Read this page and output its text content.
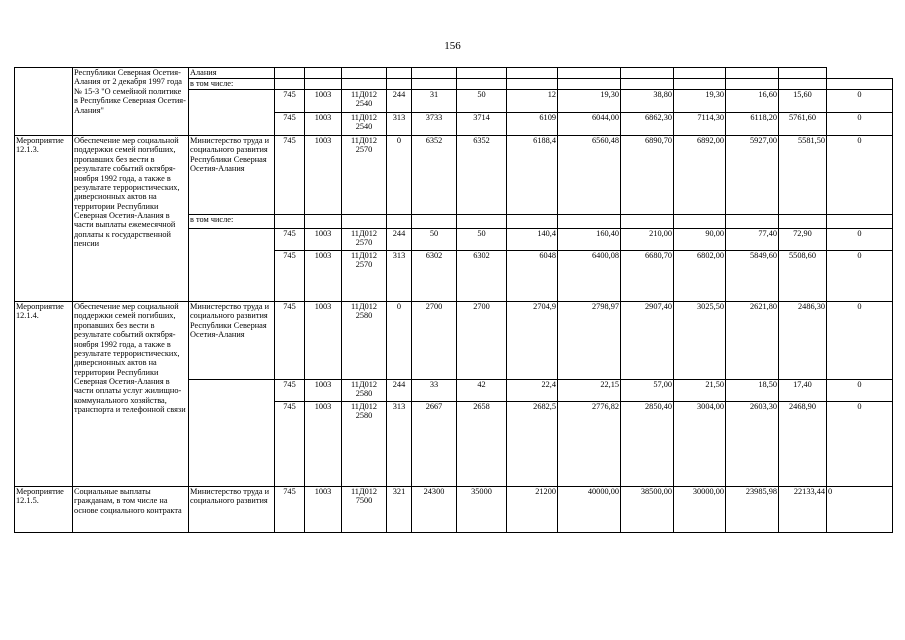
156
	Республики Северная Осетия-Алания от 2 декабря 1997 года № 15-З "О семейной политике в Республике Северная Осетия-Алания"	Алания													
		в том числе:													
			745	1003	11Д012 2540	244	31	50	12	19,30	38,80	19,30	16,60	15,60	0
			745	1003	11Д012 2540	313	3733	3714	6109	6044,00	6862,30	7114,30	6118,20	5761,60	0
Мероприятие 12.1.3.	Обеспечение мер социальной поддержки семей погибших, пропавших без вести в результате событий октября-ноября 1992 года, а также в результате террористических, диверсионных актов на территории Республики Северная Осетия-Алания в части выплаты ежемесячной доплаты к государственной пенсии	Министерство труда и социального развития Республики Северная Осетия-Алания	745	1003	11Д012 2570	0	6352	6352	6188,4	6560,48	6890,70	6892,00	5927,00	5581,50	0
		в том числе:													
			745	1003	11Д012 2570	244	50	50	140,4	160,40	210,00	90,00	77,40	72,90	0
			745	1003	11Д012 2570	313	6302	6302	6048	6400,08	6680,70	6802,00	5849,60	5508,60	0
Мероприятие 12.1.4.	Обеспечение мер социальной поддержки семей погибших, пропавших без вести в результате событий октября-ноября 1992 года, а также в результате террористических, диверсионных актов на территории Республики Северная Осетия-Алания в части оплаты услуг жилищно-коммунального хозяйства, транспорта и телефонной связи	Министерство труда и социального развития Республики Северная Осетия-Алания	745	1003	11Д012 2580	0	2700	2700	2704,9	2798,97	2907,40	3025,50	2621,80	2486,30	0
			745	1003	11Д012 2580	244	33	42	22,4	22,15	57,00	21,50	18,50	17,40	0
			745	1003	11Д012 2580	313	2667	2658	2682,5	2776,82	2850,40	3004,00	2603,30	2468,90	0
Мероприятие 12.1.5.	Социальные выплаты гражданам, в том числе на основе социального контракта	Министерство труда и социального развития	745	1003	11Д012 7500	321	24300	35000	21200	40000,00	38500,00	30000,00	23985,98	22133,44	0
